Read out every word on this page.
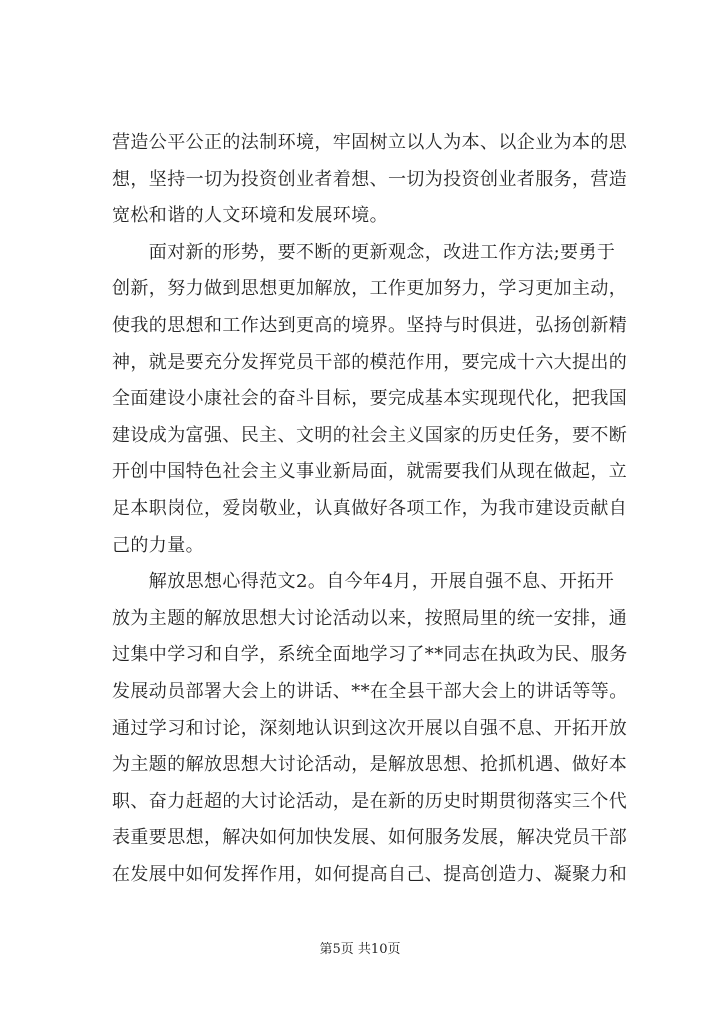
营造公平公正的法制环境，牢固树立以人为本、以企业为本的思
想，坚持一切为投资创业者着想、一切为投资创业者服务，营造
宽松和谐的人文环境和发展环境。
　　面对新的形势，要不断的更新观念，改进工作方法;要勇于
创新，努力做到思想更加解放，工作更加努力，学习更加主动，
使我的思想和工作达到更高的境界。坚持与时俱进，弘扬创新精
神，就是要充分发挥党员干部的模范作用，要完成十六大提出的
全面建设小康社会的奋斗目标，要完成基本实现现代化，把我国
建设成为富强、民主、文明的社会主义国家的历史任务，要不断
开创中国特色社会主义事业新局面，就需要我们从现在做起，立
足本职岗位，爱岗敬业，认真做好各项工作，为我市建设贡献自
己的力量。
　　解放思想心得范文2。自今年4月，开展自强不息、开拓开
放为主题的解放思想大讨论活动以来，按照局里的统一安排，通
过集中学习和自学，系统全面地学习了**同志在执政为民、服务
发展动员部署大会上的讲话、**在全县干部大会上的讲话等等。
通过学习和讨论，深刻地认识到这次开展以自强不息、开拓开放
为主题的解放思想大讨论活动，是解放思想、抢抓机遇、做好本
职、奋力赶超的大讨论活动，是在新的历史时期贯彻落实三个代
表重要思想，解决如何加快发展、如何服务发展，解决党员干部
在发展中如何发挥作用，如何提高自己、提高创造力、凝聚力和
第5页 共10页
